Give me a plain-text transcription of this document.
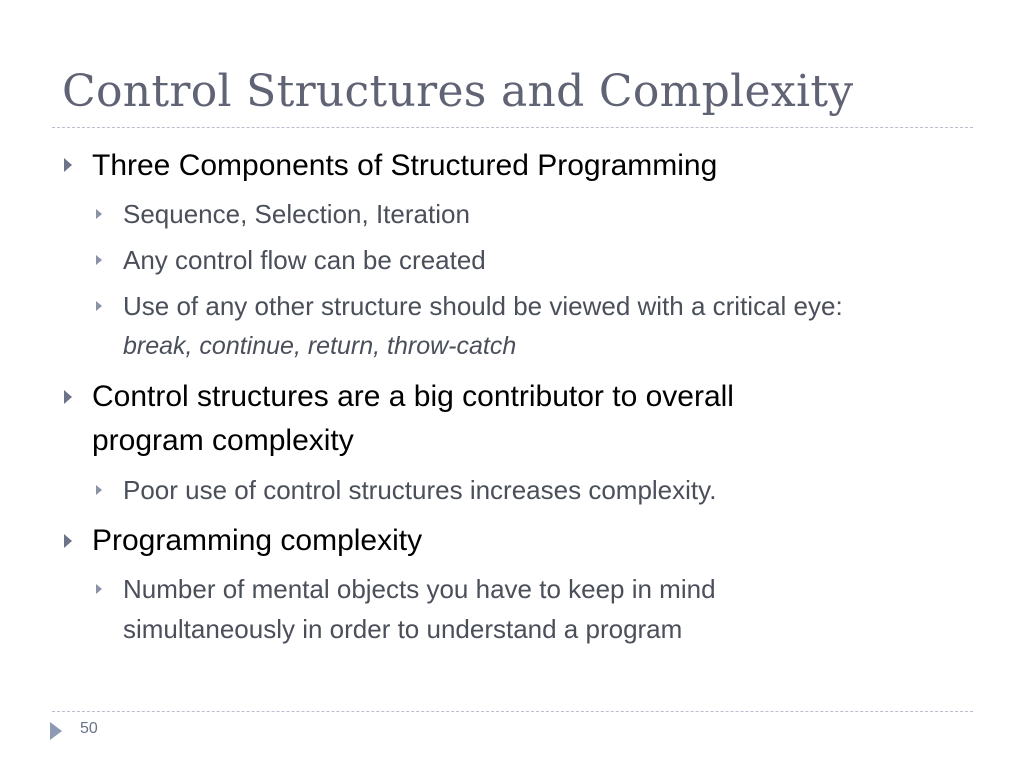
Control Structures and Complexity
Three Components of Structured Programming
Sequence, Selection, Iteration
Any control flow can be created
Use of any other structure should be viewed with a critical eye:
break, continue, return, throw-catch
Control structures are a big contributor to overall
program complexity
Poor use of control structures increases complexity.
Programming complexity
Number of mental objects you have to keep in mind
simultaneously in order to understand a program
50
